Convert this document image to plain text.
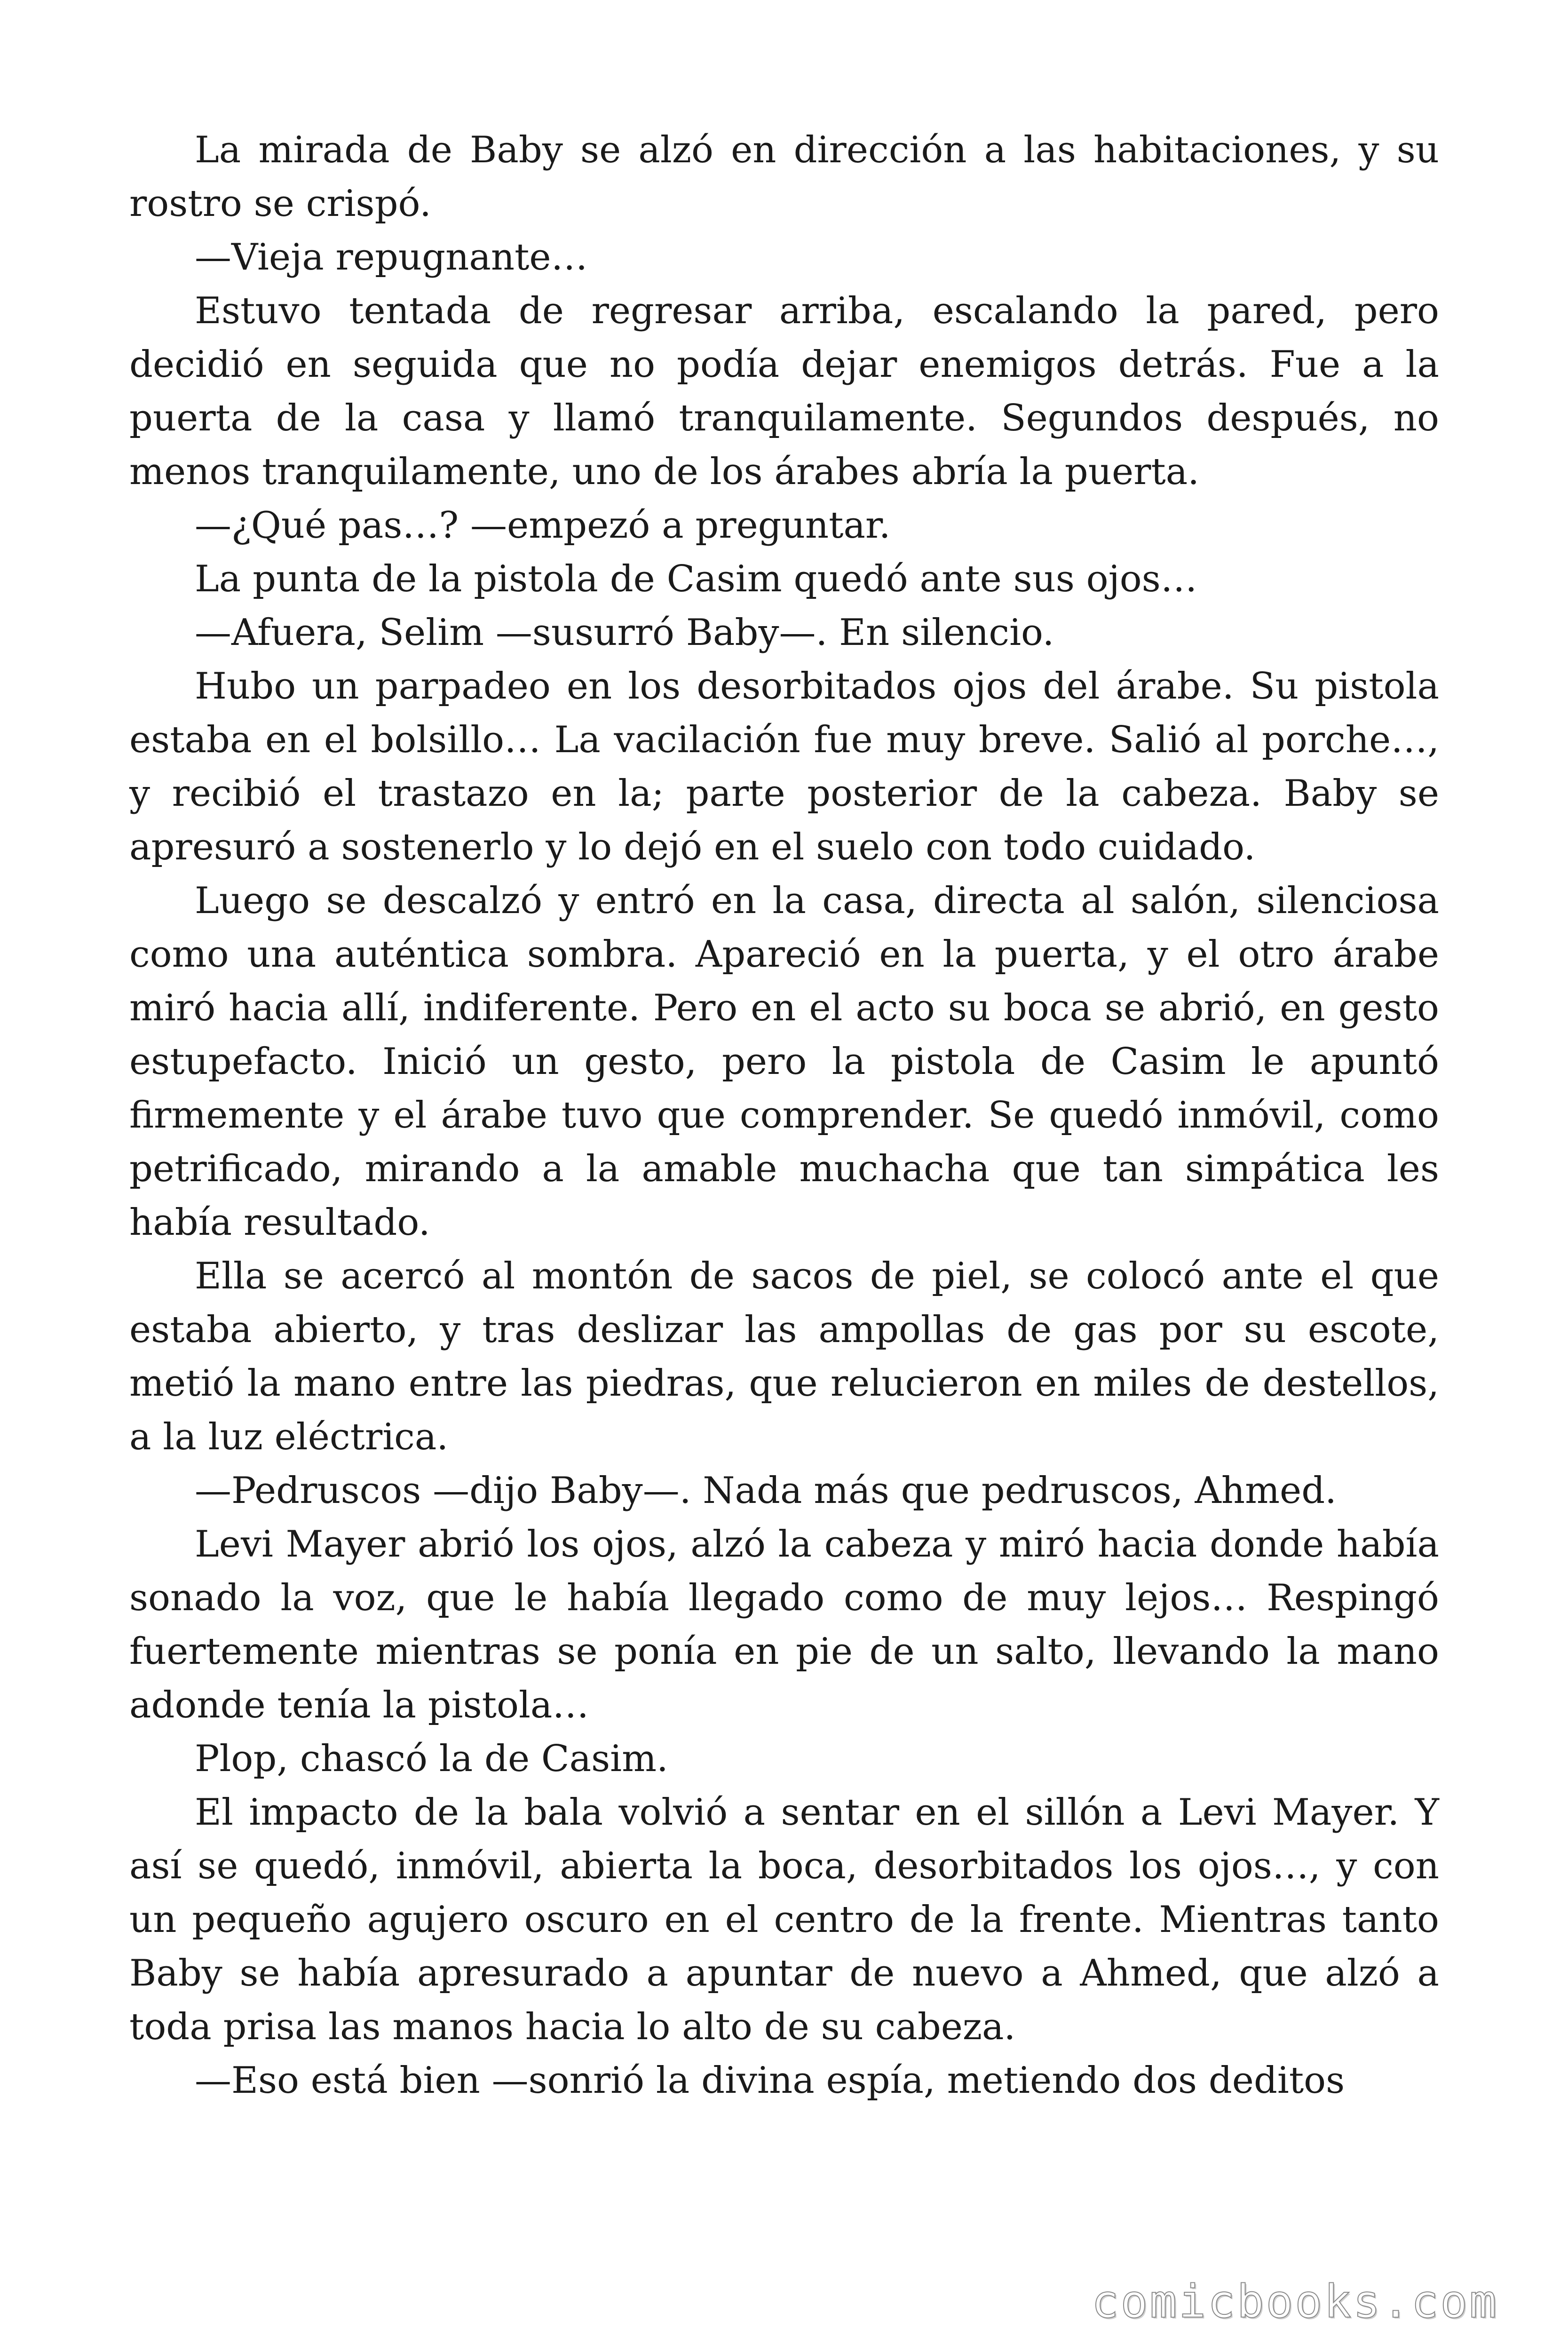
La mirada de Baby se alzó en dirección a las habitaciones, y su rostro se crispó.

—Vieja repugnante…

Estuvo tentada de regresar arriba, escalando la pared, pero decidió en seguida que no podía dejar enemigos detrás. Fue a la puerta de la casa y llamó tranquilamente. Segundos después, no menos tranquilamente, uno de los árabes abría la puerta.

—¿Qué pas…? —empezó a preguntar.

La punta de la pistola de Casim quedó ante sus ojos…

—Afuera, Selim —susurró Baby—. En silencio.

Hubo un parpadeo en los desorbitados ojos del árabe. Su pistola estaba en el bolsillo… La vacilación fue muy breve. Salió al porche…, y recibió el trastazo en la; parte posterior de la cabeza. Baby se apresuró a sostenerlo y lo dejó en el suelo con todo cuidado.

Luego se descalzó y entró en la casa, directa al salón, silenciosa como una auténtica sombra. Apareció en la puerta, y el otro árabe miró hacia allí, indiferente. Pero en el acto su boca se abrió, en gesto estupefacto. Inició un gesto, pero la pistola de Casim le apuntó firmemente y el árabe tuvo que comprender. Se quedó inmóvil, como petrificado, mirando a la amable muchacha que tan simpática les había resultado.

Ella se acercó al montón de sacos de piel, se colocó ante el que estaba abierto, y tras deslizar las ampollas de gas por su escote, metió la mano entre las piedras, que relucieron en miles de destellos, a la luz eléctrica.

—Pedruscos —dijo Baby—. Nada más que pedruscos, Ahmed.

Levi Mayer abrió los ojos, alzó la cabeza y miró hacia donde había sonado la voz, que le había llegado como de muy lejos… Respingó fuertemente mientras se ponía en pie de un salto, llevando la mano adonde tenía la pistola…

Plop, chascó la de Casim.

El impacto de la bala volvió a sentar en el sillón a Levi Mayer. Y así se quedó, inmóvil, abierta la boca, desorbitados los ojos…, y con un pequeño agujero oscuro en el centro de la frente. Mientras tanto Baby se había apresurado a apuntar de nuevo a Ahmed, que alzó a toda prisa las manos hacia lo alto de su cabeza.

—Eso está bien —sonrió la divina espía, metiendo dos deditos

comicbooks.com
